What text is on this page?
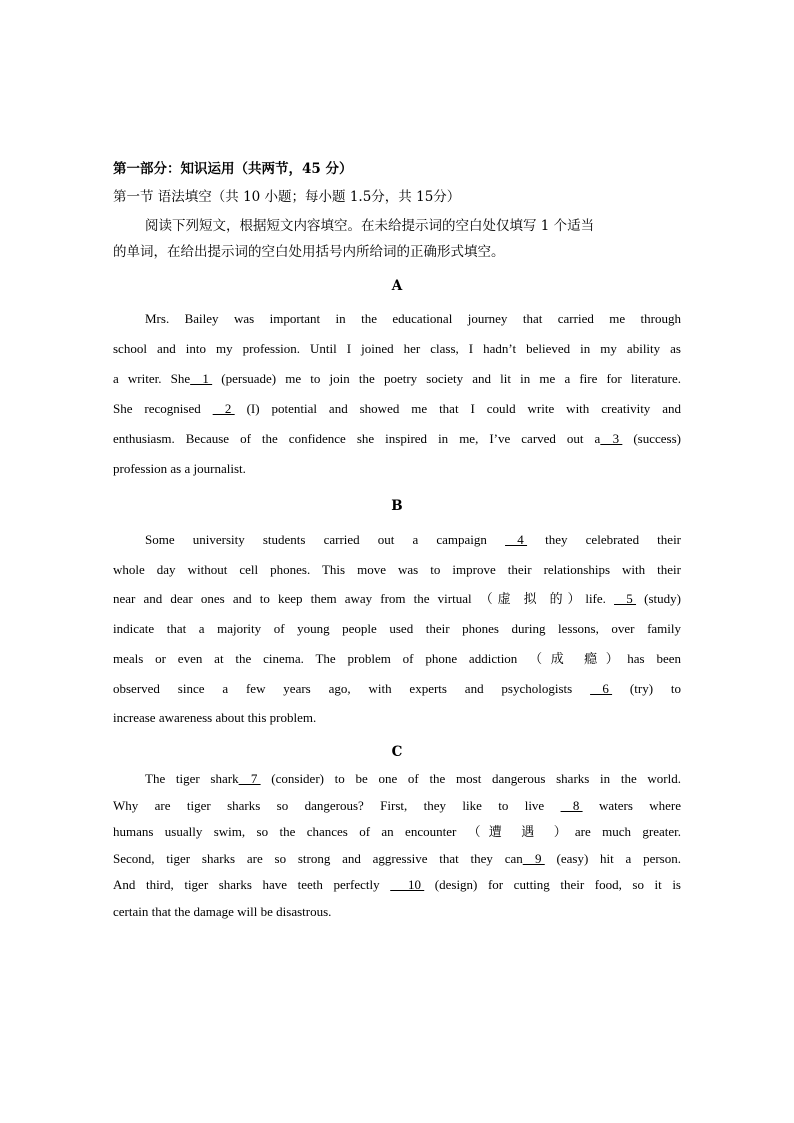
第一部分：知识运用（共两节，45 分）
第一节 语法填空（共 10 小题；每小题 1.5分，共 15分）
阅读下列短文，根据短文内容填空。在未给提示词的空白处仅填写 1 个适当
的单词，在给出提示词的空白处用括号内所给词的正确形式填空。
A
Mrs. Bailey was important in the educational journey that carried me through
school and into my profession. Until I joined her class, I hadn’t believed in my ability as
a writer. She 1  (persuade) me to join the poetry society and lit in me a fire for literature.
She recognised  2  (I) potential and showed me that I could write with creativity and
enthusiasm. Because of the confidence she inspired in me, I’ve carved out a 3  (success)
profession as a journalist.
B
Some university students carried out a campaign  4  they celebrated their
whole day without cell phones. This move was to improve their relationships with their
near and dear ones and to keep them away from the virtual （虚 拟 的）life.  5  (study)
indicate that a majority of young people used their phones during lessons, over family
meals or even at the cinema. The problem of phone addiction （成 瘾）has been
observed since a few years ago, with experts and psychologists  6  (try) to
increase awareness about this problem.
C
The tiger shark 7  (consider) to be one of the most dangerous sharks in the world.
Why are tiger sharks so dangerous? First, they like to live  8  waters where
humans usually swim, so the chances of an encounter （遭 遇 ）are much greater.
Second, tiger sharks are so strong and aggressive that they can 9  (easy) hit a person.
And third, tiger sharks have teeth perfectly  10  (design) for cutting their food, so it is
certain that the damage will be disastrous.
